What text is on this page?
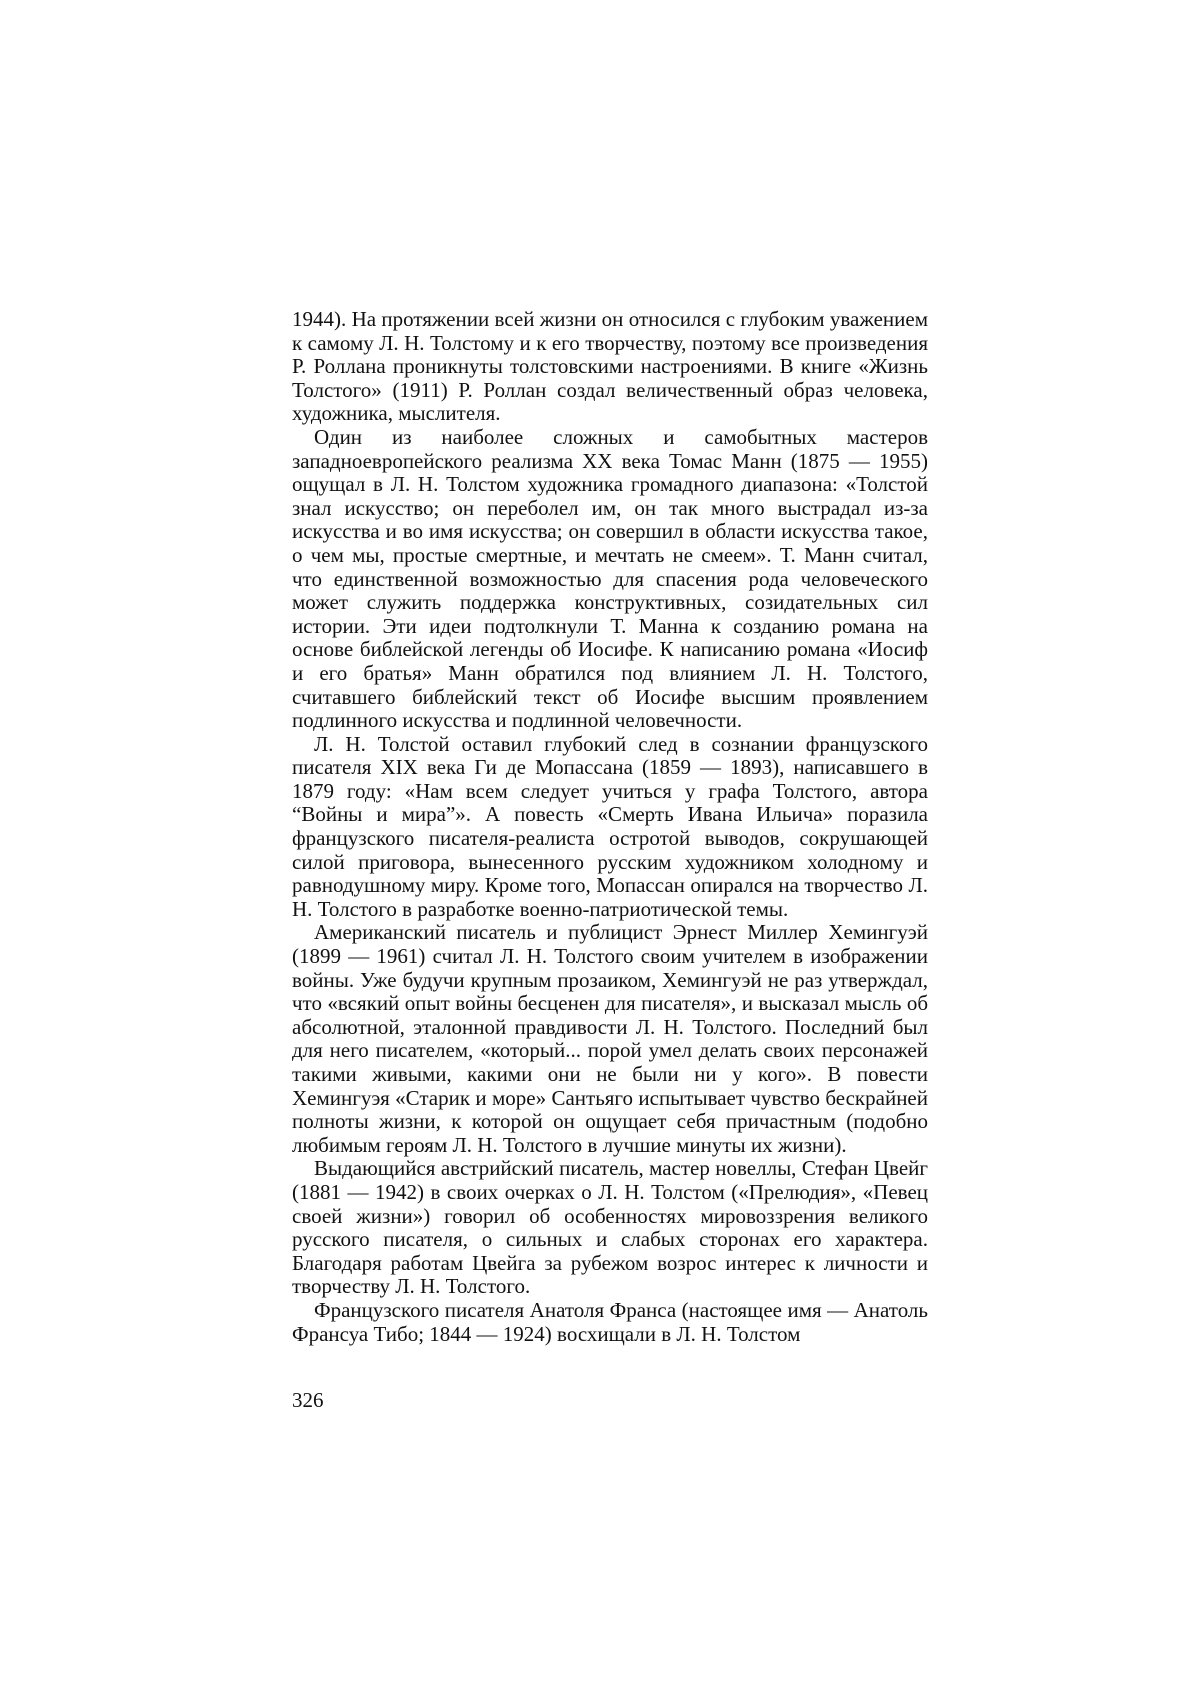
1944). На протяжении всей жизни он относился с глубоким уважением к самому Л. Н. Толстому и к его творчеству, поэтому все произведения Р. Роллана проникнуты толстовскими настроениями. В книге «Жизнь Толстого» (1911) Р. Роллан создал величественный образ человека, художника, мыслителя.

Один из наиболее сложных и самобытных мастеров западноевропейского реализма XX века Томас Манн (1875 — 1955) ощущал в Л. Н. Толстом художника громадного диапазона: «Толстой знал искусство; он переболел им, он так много выстрадал из-за искусства и во имя искусства; он совершил в области искусства такое, о чем мы, простые смертные, и мечтать не смеем». Т. Манн считал, что единственной возможностью для спасения рода человеческого может служить поддержка конструктивных, созидательных сил истории. Эти идеи подтолкнули Т. Манна к созданию романа на основе библейской легенды об Иосифе. К написанию романа «Иосиф и его братья» Манн обратился под влиянием Л. Н. Толстого, считавшего библейский текст об Иосифе высшим проявлением подлинного искусства и подлинной человечности.

Л. Н. Толстой оставил глубокий след в сознании французского писателя XIX века Ги де Мопассана (1859 — 1893), написавшего в 1879 году: «Нам всем следует учиться у графа Толстого, автора “Войны и мира”». А повесть «Смерть Ивана Ильича» поразила французского писателя-реалиста остротой выводов, сокрушающей силой приговора, вынесенного русским художником холодному и равнодушному миру. Кроме того, Мопассан опирался на творчество Л. Н. Толстого в разработке военно-патриотической темы.

Американский писатель и публицист Эрнест Миллер Хемингуэй (1899 — 1961) считал Л. Н. Толстого своим учителем в изображении войны. Уже будучи крупным прозаиком, Хемингуэй не раз утверждал, что «всякий опыт войны бесценен для писателя», и высказал мысль об абсолютной, эталонной правдивости Л. Н. Толстого. Последний был для него писателем, «который... порой умел делать своих персонажей такими живыми, какими они не были ни у кого». В повести Хемингуэя «Старик и море» Сантьяго испытывает чувство бескрайней полноты жизни, к которой он ощущает себя причастным (подобно любимым героям Л. Н. Толстого в лучшие минуты их жизни).

Выдающийся австрийский писатель, мастер новеллы, Стефан Цвейг (1881 — 1942) в своих очерках о Л. Н. Толстом («Прелюдия», «Певец своей жизни») говорил об особенностях мировоззрения великого русского писателя, о сильных и слабых сторонах его характера. Благодаря работам Цвейга за рубежом возрос интерес к личности и творчеству Л. Н. Толстого.

Французского писателя Анатоля Франса (настоящее имя — Анатоль Франсуа Тибо; 1844 — 1924) восхищали в Л. Н. Толстом

326
